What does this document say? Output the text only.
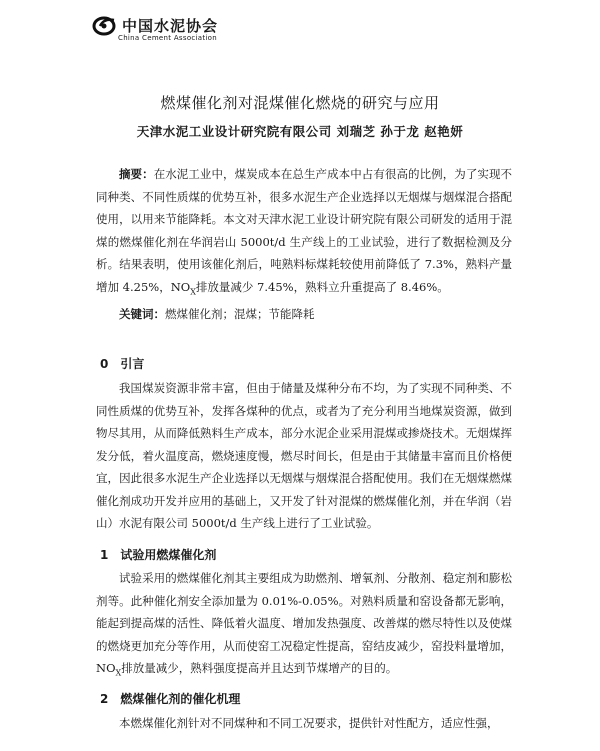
中国水泥协会
China Cement Association
燃煤催化剂对混煤催化燃烧的研究与应用
天津水泥工业设计研究院有限公司 刘瑞芝 孙于龙 赵艳妍

摘要：在水泥工业中，煤炭成本在总生产成本中占有很高的比例，为了实现不同种类、不同性质煤的优势互补，很多水泥生产企业选择以无烟煤与烟煤混合搭配使用，以用来节能降耗。本文对天津水泥工业设计研究院有限公司研发的适用于混煤的燃煤催化剂在华润岩山 5000t/d 生产线上的工业试验，进行了数据检测及分析。结果表明，使用该催化剂后，吨熟料标煤耗较使用前降低了 7.3%，熟料产量增加 4.25%，$NO_X$排放量减少 7.45%，熟料立升重提高了 8.46%。

关键词：燃煤催化剂；混煤；节能降耗

0 引言

我国煤炭资源非常丰富，但由于储量及煤种分布不均，为了实现不同种类、不同性质煤的优势互补，发挥各煤种的优点，或者为了充分利用当地煤炭资源，做到物尽其用，从而降低熟料生产成本，部分水泥企业采用混煤或掺烧技术。无烟煤挥发分低，着火温度高，燃烧速度慢，燃尽时间长，但是由于其储量丰富而且价格便宜，因此很多水泥生产企业选择以无烟煤与烟煤混合搭配使用。我们在无烟煤燃煤催化剂成功开发并应用的基础上，又开发了针对混煤的燃煤催化剂，并在华润（岩山）水泥有限公司 5000t/d 生产线上进行了工业试验。

1 试验用燃煤催化剂

试验采用的燃煤催化剂其主要组成为助燃剂、增氧剂、分散剂、稳定剂和膨松剂等。此种催化剂安全添加量为 0.01%-0.05%。对熟料质量和窑设备都无影响，能起到提高煤的活性、降低着火温度、增加发热强度、改善煤的燃尽特性以及使煤的燃烧更加充分等作用，从而使窑工况稳定性提高，窑结皮减少，窑投料量增加，$NO_X$排放量减少，熟料强度提高并且达到节煤增产的目的。

2 燃煤催化剂的催化机理

本燃煤催化剂针对不同煤种和不同工况要求，提供针对性配方，适应性强，
